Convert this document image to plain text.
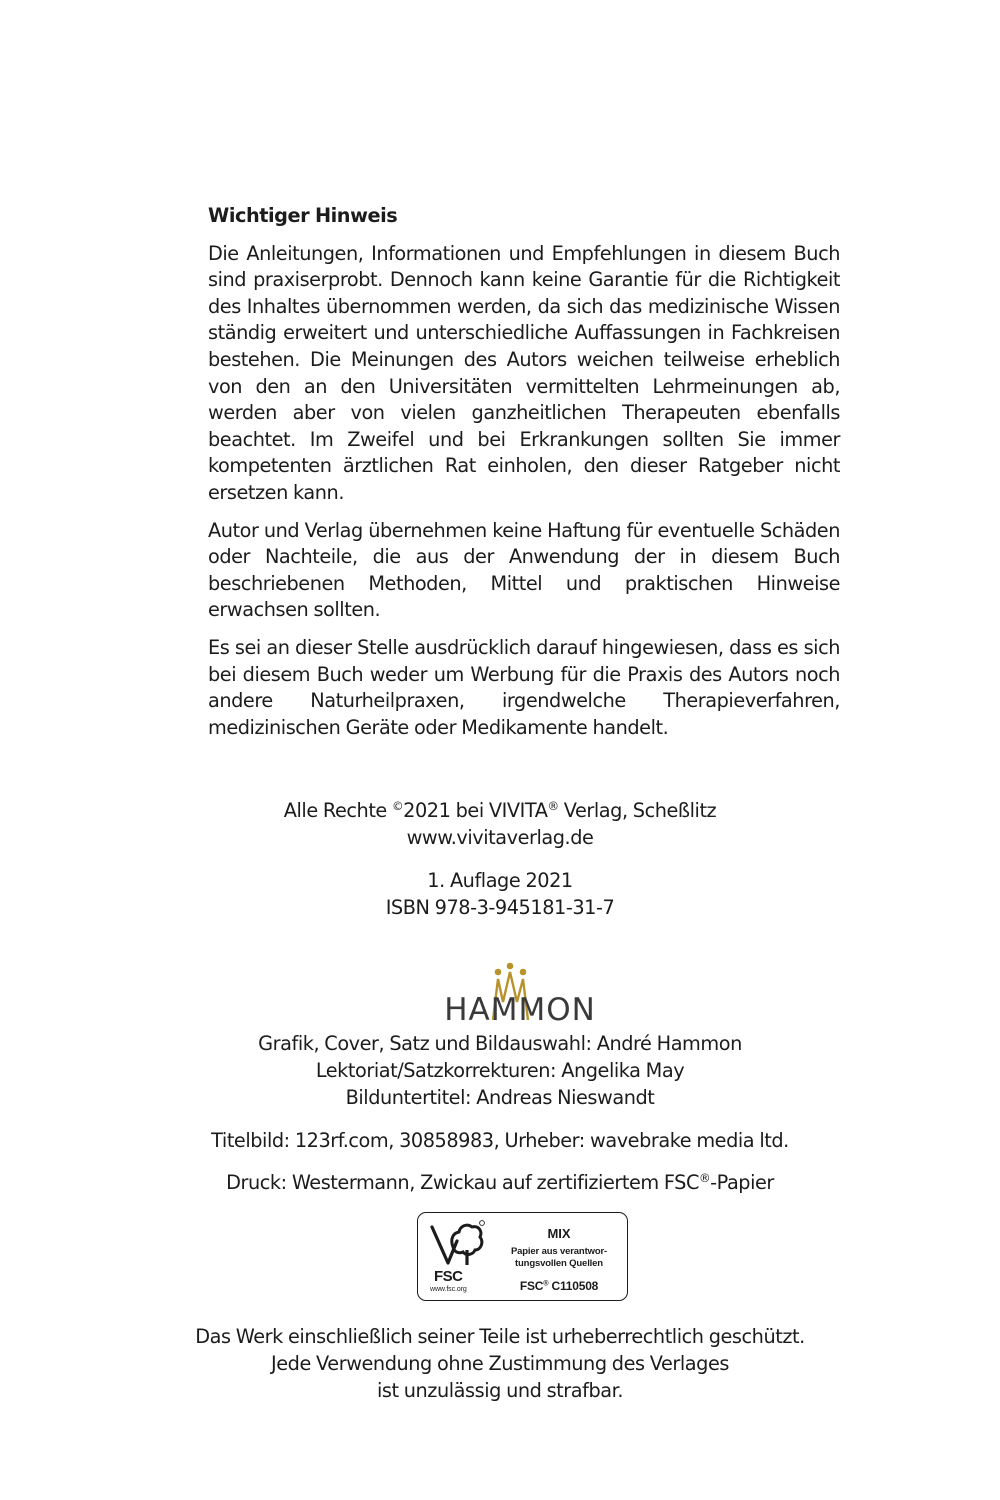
Wichtiger Hinweis

Die Anleitungen, Informationen und Empfehlungen in diesem Buch sind praxiserprobt. Dennoch kann keine Garantie für die Richtigkeit des Inhaltes übernommen werden, da sich das medizinische Wissen ständig erweitert und unterschiedliche Auffassungen in Fachkreisen bestehen. Die Meinungen des Autors weichen teilweise erheblich von den an den Universitäten vermittelten Lehrmeinungen ab, werden aber von vielen ganzheitlichen Therapeuten ebenfalls beachtet. Im Zweifel und bei Erkrankungen sollten Sie immer kompetenten ärztlichen Rat einholen, den dieser Ratgeber nicht ersetzen kann.

Autor und Verlag übernehmen keine Haftung für eventuelle Schäden oder Nachteile, die aus der Anwendung der in diesem Buch beschriebenen Methoden, Mittel und praktischen Hinweise erwachsen sollten.

Es sei an dieser Stelle ausdrücklich darauf hingewiesen, dass es sich bei diesem Buch weder um Werbung für die Praxis des Autors noch andere Naturheilpraxen, irgendwelche Therapieverfahren, medizinischen Geräte oder Medikamente handelt.

Alle Rechte ©2021 bei VIVITA® Verlag, Scheßlitz

www.vivitaverlag.de

1. Auflage 2021

ISBN 978-3-945181-31-7

HAMMON

Grafik, Cover, Satz und Bildauswahl: André Hammon

Lektoriat/Satzkorrekturen: Angelika May

Bilduntertitel: Andreas Nieswandt

Titelbild: 123rf.com, 30858983, Urheber: wavebrake media ltd.

Druck: Westermann, Zwickau auf zertifiziertem FSC®-Papier

FSC
www.fsc.org
MIX
Papier aus verantwor-
tungsvollen Quellen
FSC® C110508

Das Werk einschließlich seiner Teile ist urheberrechtlich geschützt.

Jede Verwendung ohne Zustimmung des Verlages

ist unzulässig und strafbar.
